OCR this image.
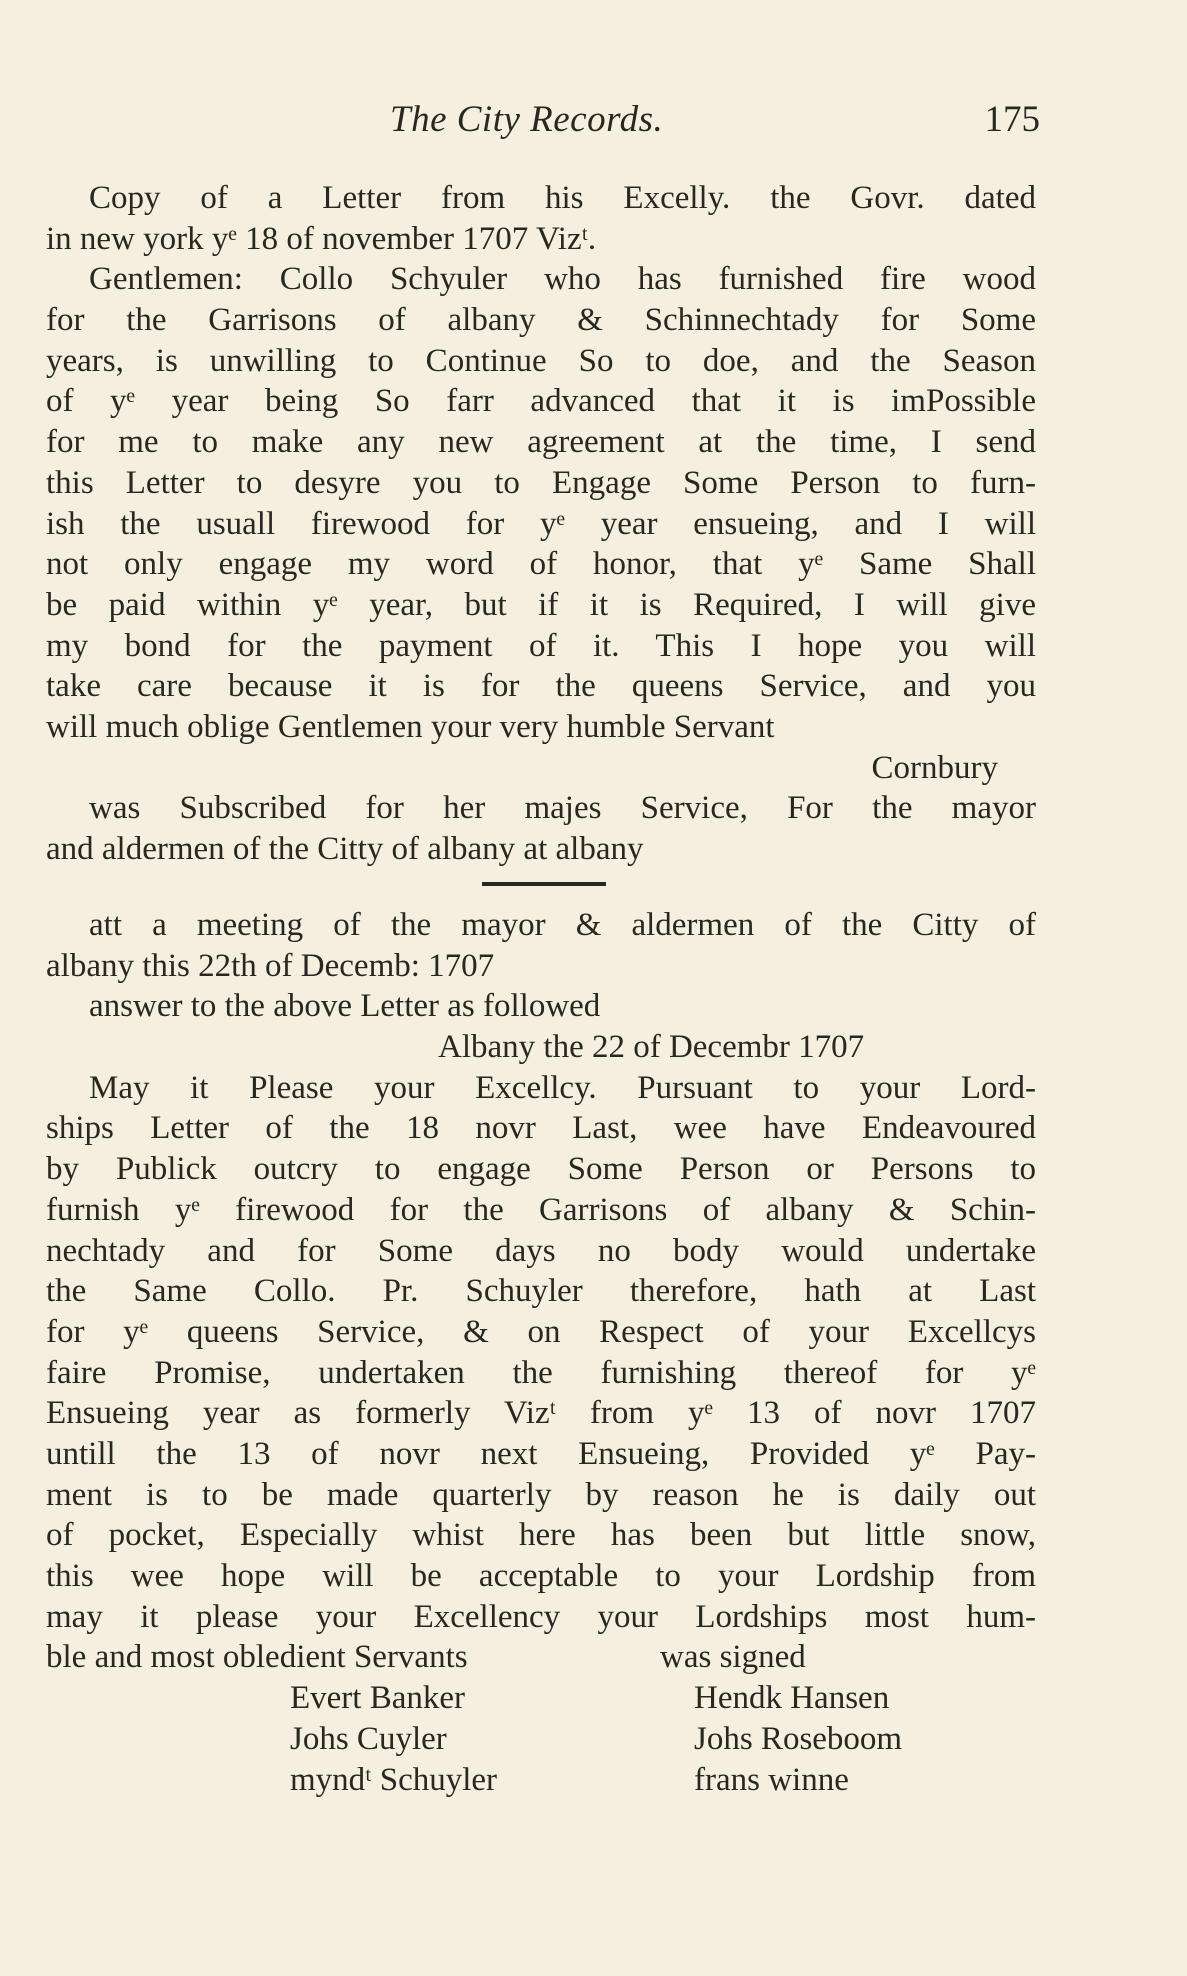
The City Records.	175
Copy of a Letter from his Excelly. the Govr. dated
in new york yᵉ 18 of november 1707 Vizᵗ.
Gentlemen: Collo Schyuler who has furnished fire wood
for the Garrisons of albany & Schinnechtady for Some
years, is unwilling to Continue So to doe, and the Season
of yᵉ year being So farr advanced that it is imPossible
for me to make any new agreement at the time, I send
this Letter to desyre you to Engage Some Person to furn-
ish the usuall firewood for yᵉ year ensueing, and I will
not only engage my word of honor, that yᵉ Same Shall
be paid within yᵉ year, but if it is Required, I will give
my bond for the payment of it. This I hope you will
take care because it is for the queens Service, and you
will much oblige Gentlemen your very humble Servant
Cornbury
was Subscribed for her majes Service, For the mayor
and aldermen of the Citty of albany at albany
att a meeting of the mayor & aldermen of the Citty of
albany this 22th of Decemb: 1707
answer to the above Letter as followed
Albany the 22 of Decembr 1707
May it Please your Excellcy. Pursuant to your Lord-
ships Letter of the 18 novr Last, wee have Endeavoured
by Publick outcry to engage Some Person or Persons to
furnish yᵉ firewood for the Garrisons of albany & Schin-
nechtady and for Some days no body would undertake
the Same Collo. Pr. Schuyler therefore, hath at Last
for yᵉ queens Service, & on Respect of your Excellcys
faire Promise, undertaken the furnishing thereof for yᵉ
Ensueing year as formerly Vizᵗ from yᵉ 13 of novr 1707
untill the 13 of novr next Ensueing, Provided yᵉ Pay-
ment is to be made quarterly by reason he is daily out
of pocket, Especially whist here has been but little snow,
this wee hope will be acceptable to your Lordship from
may it please your Excellency your Lordships most hum-
ble and most obledient Servants	was signed
Evert Banker	Hendk Hansen
Johs Cuyler	Johs Roseboom
myndᵗ Schuyler	frans winne
